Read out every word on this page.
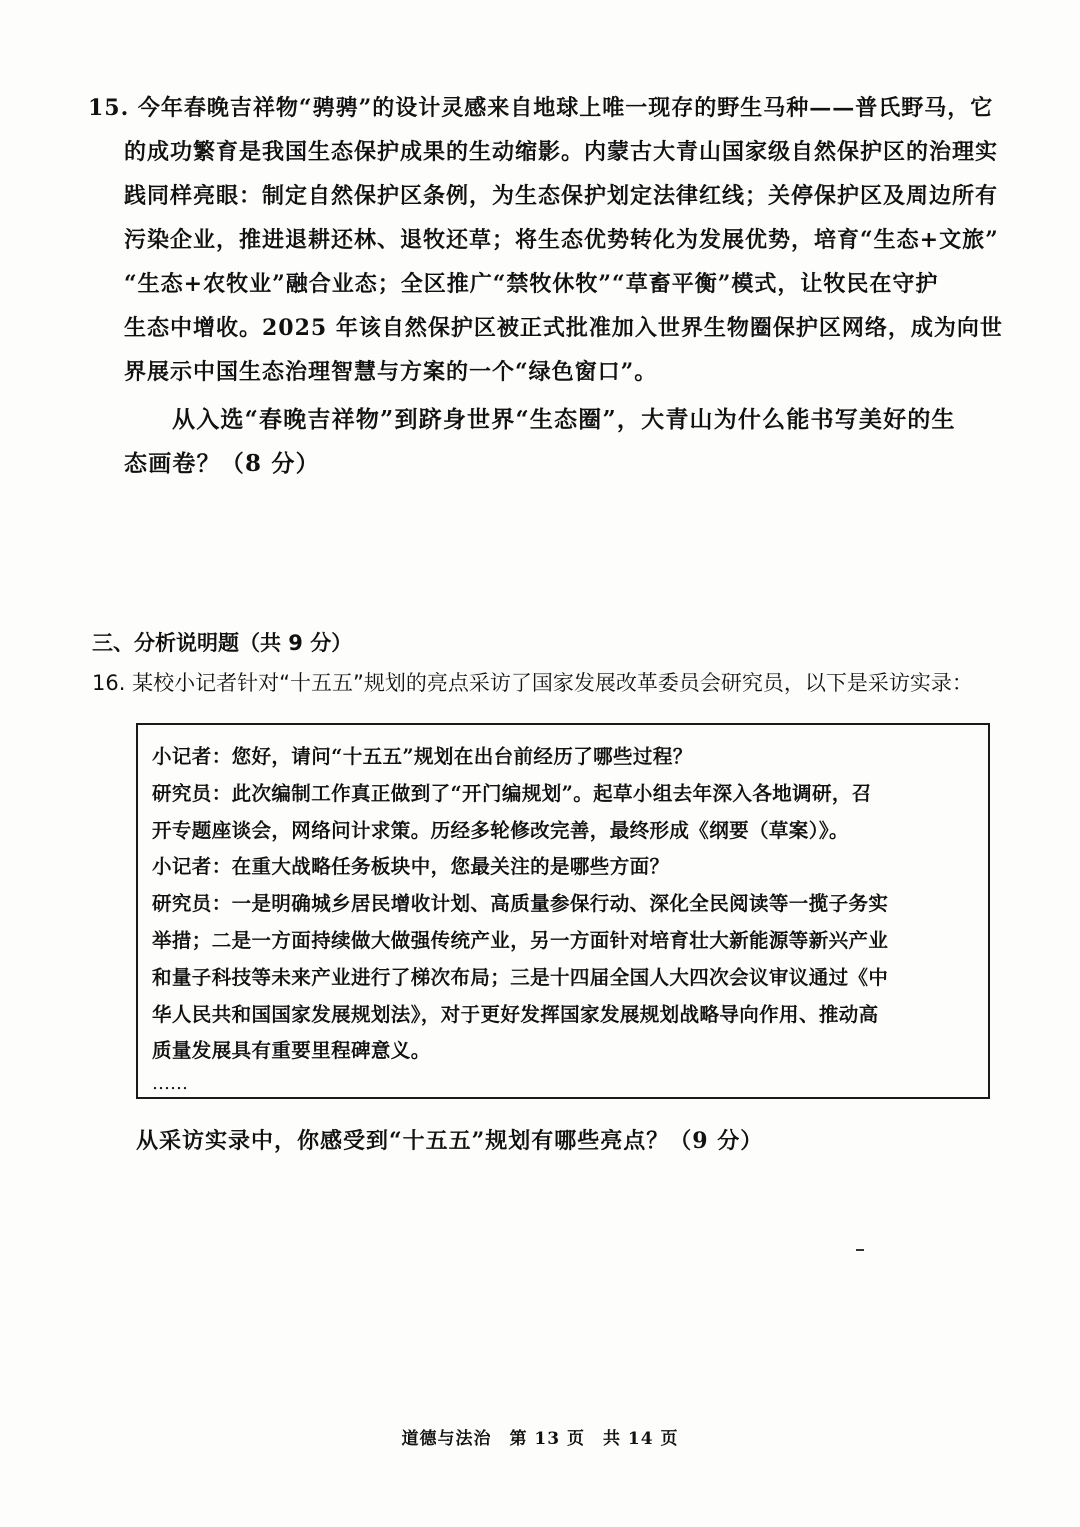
15. 今年春晚吉祥物“骋骋”的设计灵感来自地球上唯一现存的野生马种——普氏野马，它
的成功繁育是我国生态保护成果的生动缩影。内蒙古大青山国家级自然保护区的治理实
践同样亮眼：制定自然保护区条例，为生态保护划定法律红线；关停保护区及周边所有
污染企业，推进退耕还林、退牧还草；将生态优势转化为发展优势，培育“生态+文旅”
“生态+农牧业”融合业态；全区推广“禁牧休牧”“草畜平衡”模式，让牧民在守护
生态中增收。2025 年该自然保护区被正式批准加入世界生物圈保护区网络，成为向世
界展示中国生态治理智慧与方案的一个“绿色窗口”。
从入选“春晚吉祥物”到跻身世界“生态圈”，大青山为什么能书写美好的生
态画卷？（8 分）
三、分析说明题（共 9 分）
16. 某校小记者针对“十五五”规划的亮点采访了国家发展改革委员会研究员，以下是采访实录：
小记者：您好，请问“十五五”规划在出台前经历了哪些过程？
研究员：此次编制工作真正做到了“开门编规划”。起草小组去年深入各地调研，召
开专题座谈会，网络问计求策。历经多轮修改完善，最终形成《纲要（草案）》。
小记者：在重大战略任务板块中，您最关注的是哪些方面？
研究员：一是明确城乡居民增收计划、高质量参保行动、深化全民阅读等一揽子务实
举措；二是一方面持续做大做强传统产业，另一方面针对培育壮大新能源等新兴产业
和量子科技等未来产业进行了梯次布局；三是十四届全国人大四次会议审议通过《中
华人民共和国国家发展规划法》，对于更好发挥国家发展规划战略导向作用、推动高
质量发展具有重要里程碑意义。
……
从采访实录中，你感受到“十五五”规划有哪些亮点？（9 分）
道德与法治　第 13 页　共 14 页
